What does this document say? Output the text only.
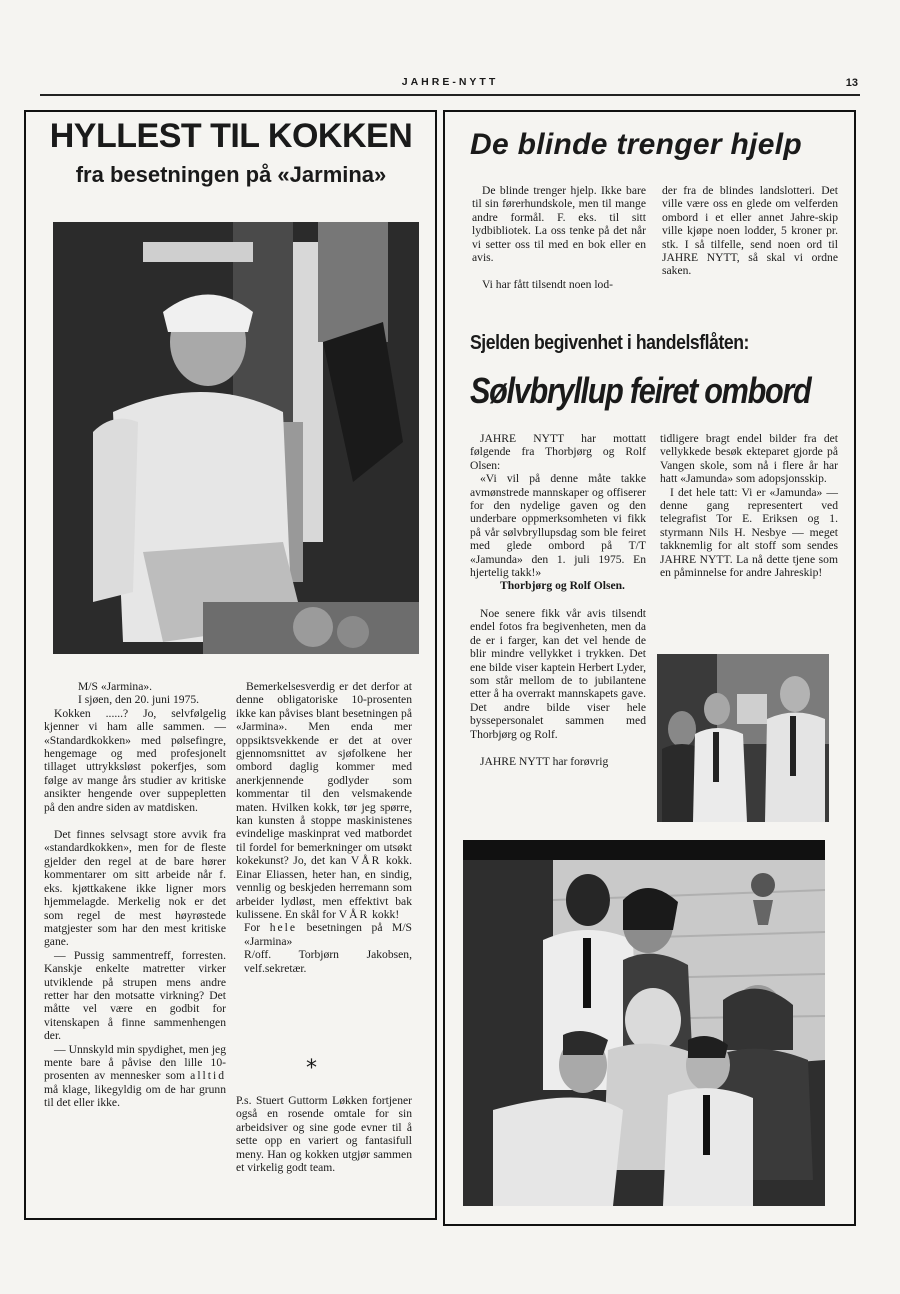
JAHRE-NYTT	13
HYLLEST TIL KOKKEN
fra besetningen på «Jarmina»

M/S «Jarmina».

I sjøen, den 20. juni 1975.

Kokken ......? Jo, selvfølgelig kjenner vi ham alle sammen. — «Standardkokken» med pølsefingre, hengemage og med profesjonelt tillaget uttrykksløst pokerfjes, som følge av mange års studier av kritiske ansikter hengende over suppepletten på den andre siden av matdisken.

Det finnes selvsagt store avvik fra «standardkokken», men for de fleste gjelder den regel at de bare hører kommentarer om sitt arbeide når f. eks. kjøttkakene ikke ligner mors hjemmelagde. Merkelig nok er det som regel de mest høyrøstede matgjester som har den mest kritiske gane.

— Pussig sammentreff, forresten. Kanskje enkelte matretter virker utviklende på strupen mens andre retter har den motsatte virkning? Det måtte vel være en godbit for vitenskapen å finne sammenhengen der.

— Unnskyld min spydighet, men jeg mente bare å påvise den lille 10-prosenten av mennesker som alltid må klage, likegyldig om de har grunn til det eller ikke.

Bemerkelsesverdig er det derfor at denne obligatoriske 10-prosenten ikke kan påvises blant besetningen på «Jarmina». Men enda mer oppsiktsvekkende er det at over gjennomsnittet av sjøfolkene her ombord daglig kommer med anerkjennende godlyder som kommentar til den velsmakende maten. Hvilken kokk, tør jeg spørre, kan kunsten å stoppe maskinistenes evindelige maskinprat ved matbordet til fordel for bemerkninger om utsøkt kokekunst? Jo, det kan VÅR kokk. Einar Eliassen, heter han, en sindig, vennlig og beskjeden herremann som arbeider lydløst, men effektivt bak kulissene. En skål for VÅR kokk!

For hele besetningen på M/S «Jarmina»

R/off. Torbjørn Jakobsen, velf.sekretær.

*

P.s. Stuert Guttorm Løkken fortjener også en rosende omtale for sin arbeidsiver og sine gode evner til å sette opp en variert og fantasifull meny. Han og kokken utgjør sammen et virkelig godt team.

De blinde trenger hjelp

De blinde trenger hjelp. Ikke bare til sin førerhundskole, men til mange andre formål. F. eks. til sitt lydbibliotek. La oss tenke på det når vi setter oss til med en bok eller en avis.

Vi har fått tilsendt noen lod-

der fra de blindes landslotteri. Det ville være oss en glede om velferden ombord i et eller annet Jahre-skip ville kjøpe noen lodder, 5 kroner pr. stk. I så tilfelle, send noen ord til JAHRE NYTT, så skal vi ordne saken.

Sjelden begivenhet i handelsflåten:
Sølvbryllup feiret ombord

JAHRE NYTT har mottatt følgende fra Thorbjørg og Rolf Olsen:

«Vi vil på denne måte takke avmønstrede mannskaper og offiserer for den nydelige gaven og den underbare oppmerksomheten vi fikk på vår sølvbryllupsdag som ble feiret med glede ombord på T/T «Jamunda» den 1. juli 1975. En hjertelig takk!»

Thorbjørg og Rolf Olsen.

Noe senere fikk vår avis tilsendt endel fotos fra begivenheten, men da de er i farger, kan det vel hende de blir mindre vellykket i trykken. Det ene bilde viser kaptein Herbert Lyder, som står mellom de to jubilantene etter å ha overrakt mannskapets gave. Det andre bilde viser hele byssepersonalet sammen med Thorbjørg og Rolf.

JAHRE NYTT har forøvrig

tidligere bragt endel bilder fra det vellykkede besøk ekteparet gjorde på Vangen skole, som nå i flere år har hatt «Jamunda» som adopsjonsskip.

I det hele tatt: Vi er «Jamunda» — denne gang representert ved telegrafist Tor E. Eriksen og 1. styrmann Nils H. Nesbye — meget takknemlig for alt stoff som sendes JAHRE NYTT. La nå dette tjene som en påminnelse for andre Jahreskip!
